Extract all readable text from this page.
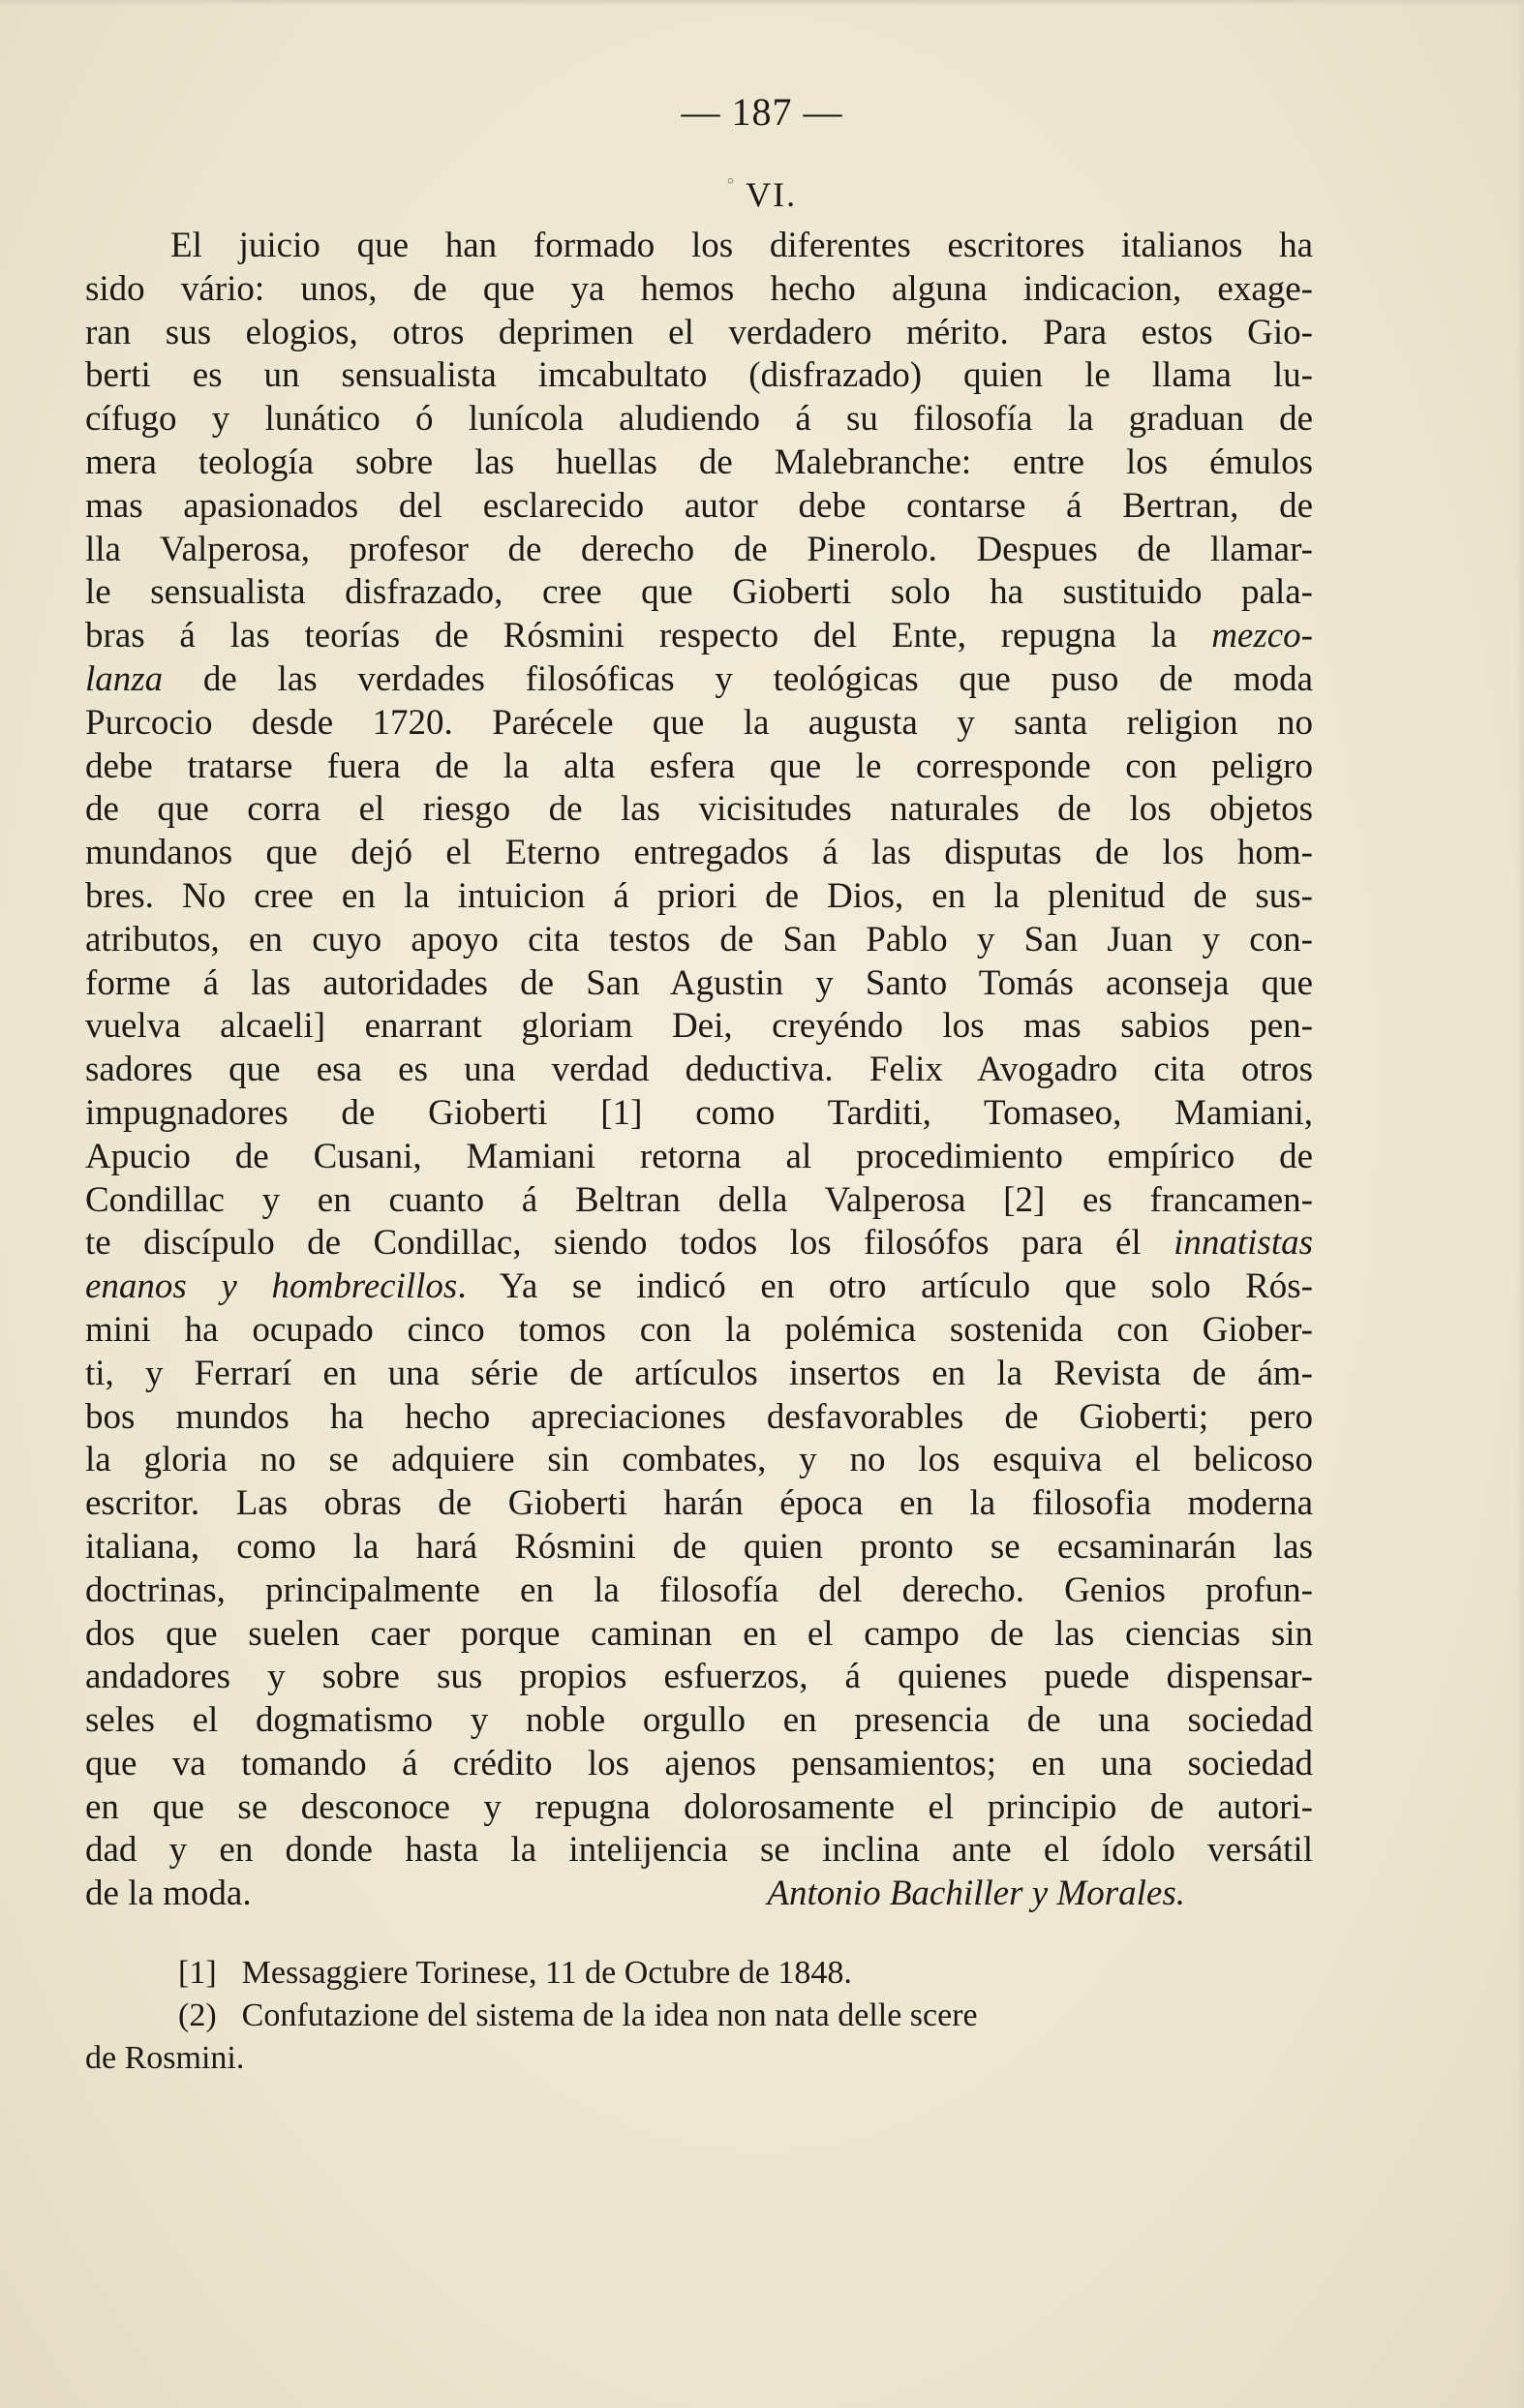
— 187 —
° VI.
El juicio que han formado los diferentes escritores italianos ha
sido vário: unos, de que ya hemos hecho alguna indicacion, exage-
ran sus elogios, otros deprimen el verdadero mérito. Para estos Gio-
berti es un sensualista imcabultato (disfrazado) quien le llama lu-
cífugo y lunático ó lunícola aludiendo á su filosofía la graduan de
mera teología sobre las huellas de Malebranche: entre los émulos
mas apasionados del esclarecido autor debe contarse á Bertran, de
lla Valperosa, profesor de derecho de Pinerolo. Despues de llamar-
le sensualista disfrazado, cree que Gioberti solo ha sustituido pala-
bras á las teorías de Rósmini respecto del Ente, repugna la mezco-
lanza de las verdades filosóficas y teológicas que puso de moda
Purcocio desde 1720. Parécele que la augusta y santa religion no
debe tratarse fuera de la alta esfera que le corresponde con peligro
de que corra el riesgo de las vicisitudes naturales de los objetos
mundanos que dejó el Eterno entregados á las disputas de los hom-
bres. No cree en la intuicion á priori de Dios, en la plenitud de sus-
atributos, en cuyo apoyo cita testos de San Pablo y San Juan y con-
forme á las autoridades de San Agustin y Santo Tomás aconseja que
vuelva alcaeli] enarrant gloriam Dei, creyéndo los mas sabios pen-
sadores que esa es una verdad deductiva. Felix Avogadro cita otros
impugnadores de Gioberti [1] como Tarditi, Tomaseo, Mamiani,
Apucio de Cusani, Mamiani retorna al procedimiento empírico de
Condillac y en cuanto á Beltran della Valperosa [2] es francamen-
te discípulo de Condillac, siendo todos los filosófos para él innatistas
enanos y hombrecillos. Ya se indicó en otro artículo que solo Rós-
mini ha ocupado cinco tomos con la polémica sostenida con Giober-
ti, y Ferrarí en una série de artículos insertos en la Revista de ám-
bos mundos ha hecho apreciaciones desfavorables de Gioberti; pero
la gloria no se adquiere sin combates, y no los esquiva el belicoso
escritor. Las obras de Gioberti harán época en la filosofia moderna
italiana, como la hará Rósmini de quien pronto se ecsaminarán las
doctrinas, principalmente en la filosofía del derecho. Genios profun-
dos que suelen caer porque caminan en el campo de las ciencias sin
andadores y sobre sus propios esfuerzos, á quienes puede dispensar-
seles el dogmatismo y noble orgullo en presencia de una sociedad
que va tomando á crédito los ajenos pensamientos; en una sociedad
en que se desconoce y repugna dolorosamente el principio de autori-
dad y en donde hasta la intelijencia se inclina ante el ídolo versátil
de la moda.	Antonio Bachiller y Morales.
[1] Messaggiere Torinese, 11 de Octubre de 1848.
(2) Confutazione del sistema de la idea non nata delle scere
de Rosmini.
